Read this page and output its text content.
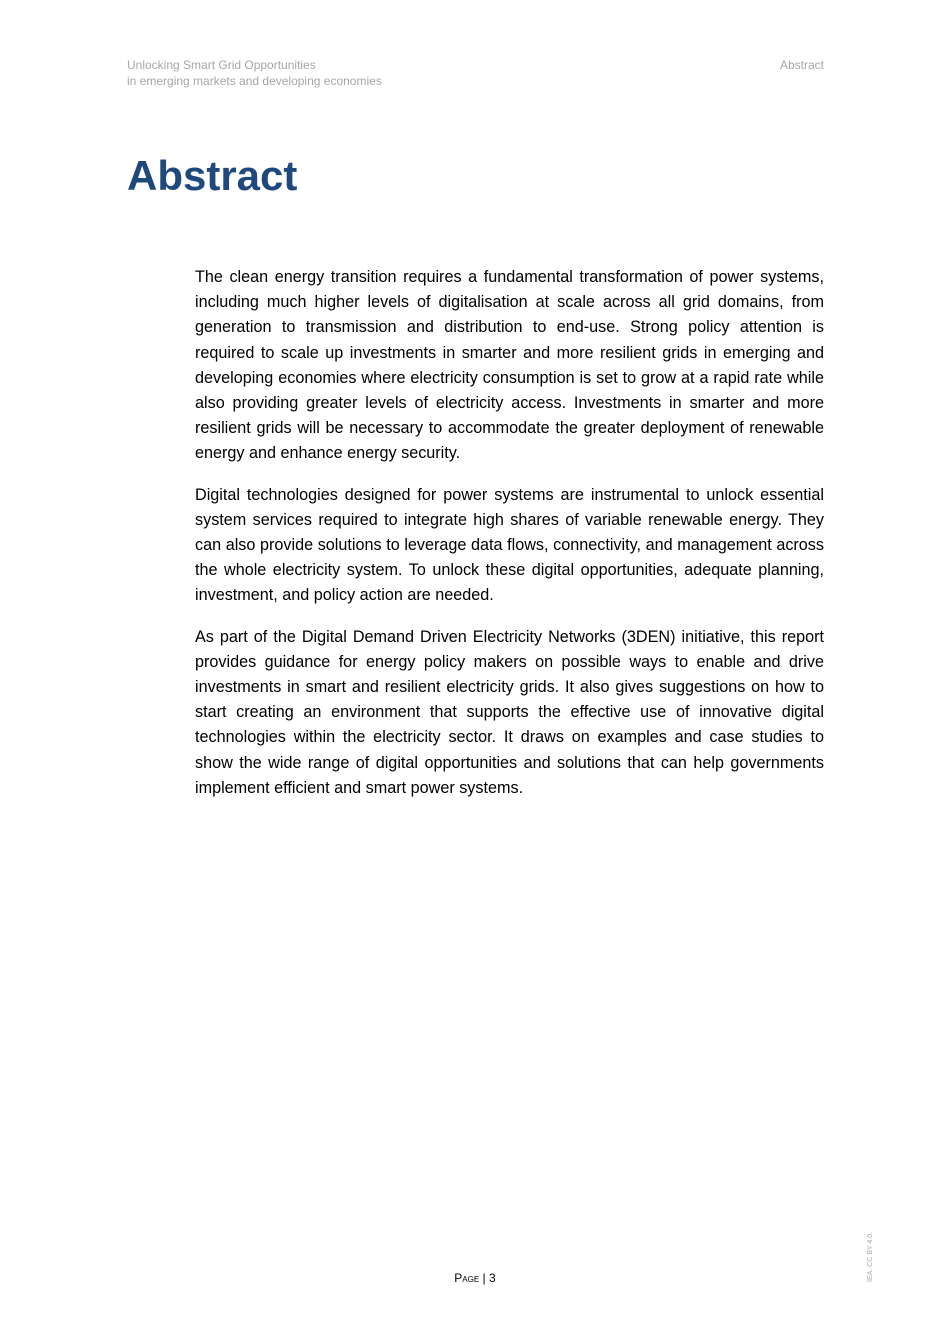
Unlocking Smart Grid Opportunities
in emerging markets and developing economies
Abstract
Abstract

The clean energy transition requires a fundamental transformation of power systems, including much higher levels of digitalisation at scale across all grid domains, from generation to transmission and distribution to end-use. Strong policy attention is required to scale up investments in smarter and more resilient grids in emerging and developing economies where electricity consumption is set to grow at a rapid rate while also providing greater levels of electricity access. Investments in smarter and more resilient grids will be necessary to accommodate the greater deployment of renewable energy and enhance energy security.

Digital technologies designed for power systems are instrumental to unlock essential system services required to integrate high shares of variable renewable energy. They can also provide solutions to leverage data flows, connectivity, and management across the whole electricity system. To unlock these digital opportunities, adequate planning, investment, and policy action are needed.

As part of the Digital Demand Driven Electricity Networks (3DEN) initiative, this report provides guidance for energy policy makers on possible ways to enable and drive investments in smart and resilient electricity grids. It also gives suggestions on how to start creating an environment that supports the effective use of innovative digital technologies within the electricity sector. It draws on examples and case studies to show the wide range of digital opportunities and solutions that can help governments implement efficient and smart power systems.

Page | 3	IEA. CC BY 4.0.
